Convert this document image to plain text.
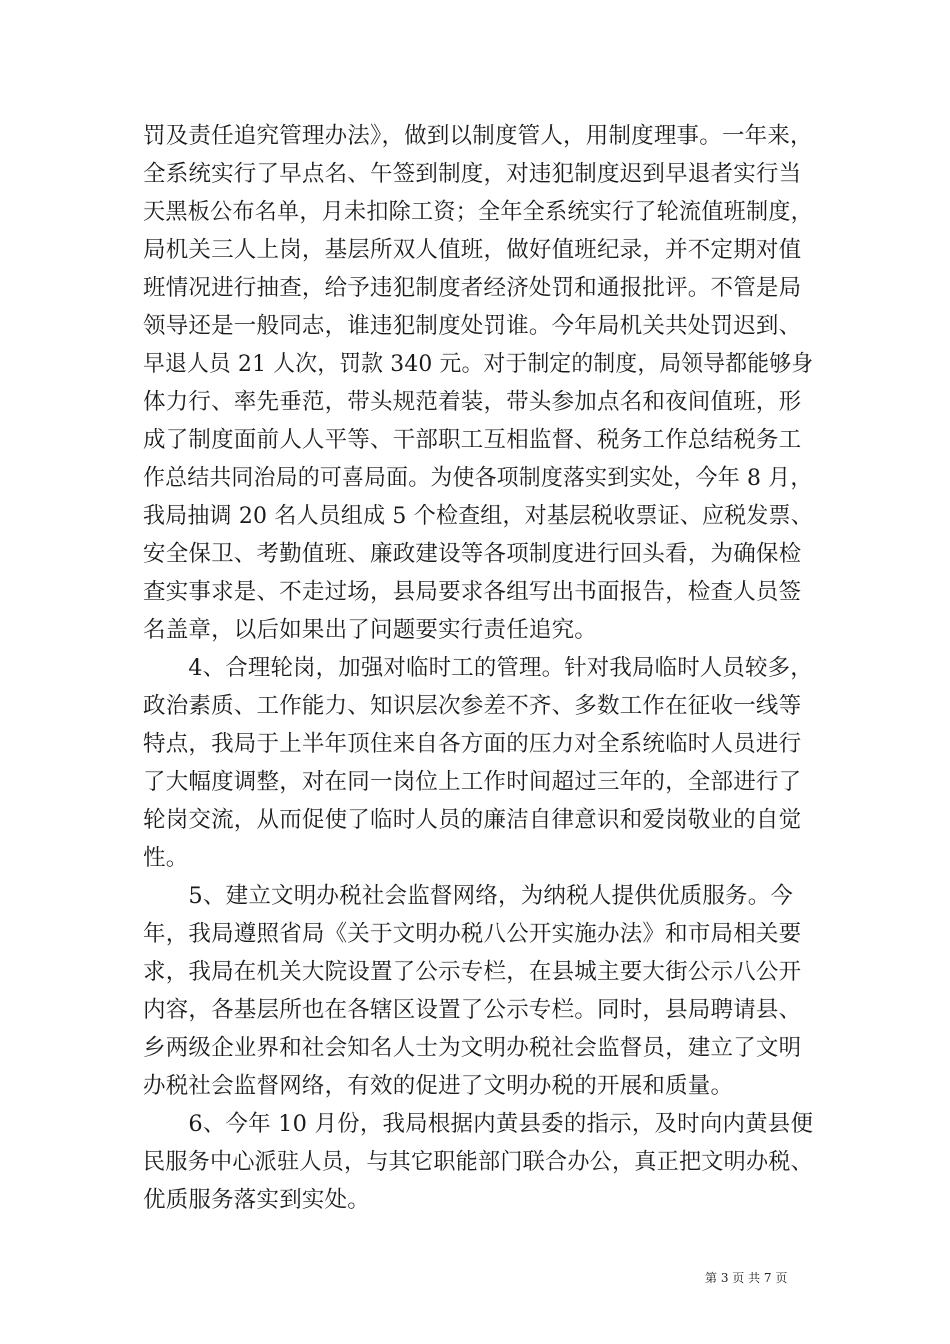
罚及责任追究管理办法》，做到以制度管人，用制度理事。一年来，
全系统实行了早点名、午签到制度，对违犯制度迟到早退者实行当
天黑板公布名单，月未扣除工资；全年全系统实行了轮流值班制度，
局机关三人上岗，基层所双人值班，做好值班纪录，并不定期对值
班情况进行抽查，给予违犯制度者经济处罚和通报批评。不管是局
领导还是一般同志，谁违犯制度处罚谁。今年局机关共处罚迟到、
早退人员 21 人次，罚款 340 元。对于制定的制度，局领导都能够身
体力行、率先垂范，带头规范着装，带头参加点名和夜间值班，形
成了制度面前人人平等、干部职工互相监督、税务工作总结税务工
作总结共同治局的可喜局面。为使各项制度落实到实处，今年 8 月，
我局抽调 20 名人员组成 5 个检查组，对基层税收票证、应税发票、
安全保卫、考勤值班、廉政建设等各项制度进行回头看，为确保检
查实事求是、不走过场，县局要求各组写出书面报告，检查人员签
名盖章，以后如果出了问题要实行责任追究。
　　4、合理轮岗，加强对临时工的管理。针对我局临时人员较多，
政治素质、工作能力、知识层次参差不齐、多数工作在征收一线等
特点，我局于上半年顶住来自各方面的压力对全系统临时人员进行
了大幅度调整，对在同一岗位上工作时间超过三年的，全部进行了
轮岗交流，从而促使了临时人员的廉洁自律意识和爱岗敬业的自觉
性。
　　5、建立文明办税社会监督网络，为纳税人提供优质服务。今
年，我局遵照省局《关于文明办税八公开实施办法》和市局相关要
求，我局在机关大院设置了公示专栏，在县城主要大街公示八公开
内容，各基层所也在各辖区设置了公示专栏。同时，县局聘请县、
乡两级企业界和社会知名人士为文明办税社会监督员，建立了文明
办税社会监督网络，有效的促进了文明办税的开展和质量。
　　6、今年 10 月份，我局根据内黄县委的指示，及时向内黄县便
民服务中心派驻人员，与其它职能部门联合办公，真正把文明办税、
优质服务落实到实处。
第 3 页 共 7 页
